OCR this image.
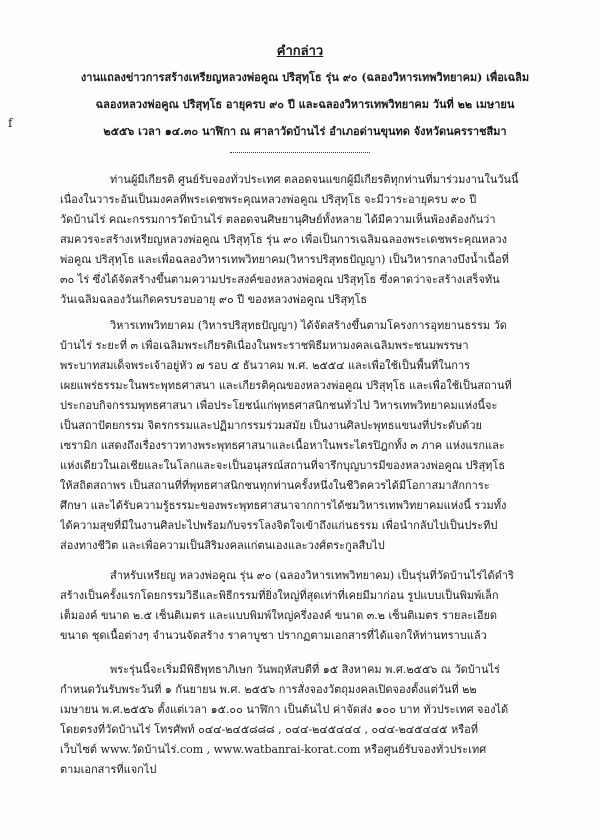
คำกล่าว
งานแถลงข่าวการสร้างเหรียญหลวงพ่อคูณ ปริสุทฺโธ รุ่น ๙๐ (ฉลองวิหารเทพวิทยาคม) เพื่อเฉลิม
ฉลองหลวงพ่อคูณ ปริสุทฺโธ อายุครบ ๙๐ ปี และฉลองวิหารเทพวิทยาคม วันที่ ๒๒ เมษายน
๒๕๕๖ เวลา ๑๔.๓๐ นาฬิกา ณ ศาลาวัดบ้านไร่ อำเภอด่านขุนทด จังหวัดนครราชสีมา
f
ท่านผู้มีเกียรติ ศูนย์รับจองทั่วประเทศ ตลอดจนแขกผู้มีเกียรติทุกท่านที่มาร่วมงานในวันนี้
เนื่องในวาระอันเป็นมงคลที่พระเดชพระคุณหลวงพ่อคูณ ปริสุทฺโธ จะมีวาระอายุครบ ๙๐ ปี
วัดบ้านไร่ คณะกรรมการวัดบ้านไร่ ตลอดจนศิษยานุศิษย์ทั้งหลาย ได้มีความเห็นพ้องต้องกันว่า
สมควรจะสร้างเหรียญหลวงพ่อคูณ ปริสุทฺโธ รุ่น ๙๐ เพื่อเป็นการเฉลิมฉลองพระเดชพระคุณหลวง
พ่อคูณ ปริสุทฺโธ และเพื่อฉลองวิหารเทพวิทยาคม(วิหารปริสุทธปัญญา) เป็นวิหารกลางบึงน้ำเนื้อที่
๓๐ ไร่ ซึ่งได้จัดสร้างขึ้นตามความประสงค์ของหลวงพ่อคูณ ปริสุทฺโธ ซึ่งคาดว่าจะสร้างเสร็จทัน
วันเฉลิมฉลองวันเกิดครบรอบอายุ ๙๐ ปี ของหลวงพ่อคูณ ปริสุทฺโธ
วิหารเทพวิทยาคม (วิหารปริสุทธปัญญา) ได้จัดสร้างขึ้นตามโครงการอุทยานธรรม วัด
บ้านไร่ ระยะที่ ๓ เพื่อเฉลิมพระเกียรติเนื่องในพระราชพิธีมหามงคลเฉลิมพระชนมพรรษา
พระบาทสมเด็จพระเจ้าอยู่หัว ๗ รอบ ๕ ธันวาคม พ.ศ. ๒๕๕๔ และเพื่อใช้เป็นพื้นที่ในการ
เผยแพร่ธรรมะในพระพุทธศาสนา และเกียรติคุณของหลวงพ่อคูณ ปริสุทฺโธ และเพื่อใช้เป็นสถานที่
ประกอบกิจกรรมพุทธศาสนา เพื่อประโยชน์แก่พุทธศาสนิกชนทั่วไป วิหารเทพวิทยาคมแห่งนี้จะ
เป็นสถาปัตยกรรม จิตรกรรมและปฏิมากรรมร่วมสมัย เป็นงานศิลปะพุทธแขนงที่ประดับด้วย
เซรามิก แสดงถึงเรื่องราวทางพระพุทธศาสนาและเนื้อหาในพระไตรปิฎกทั้ง ๓ ภาค แห่งแรกและ
แห่งเดียวในเอเชียและในโลกและจะเป็นอนุสรณ์สถานที่จารึกบุญบารมีของหลวงพ่อคูณ ปริสุทฺโธ
ให้สถิตสถาพร เป็นสถานที่ที่พุทธศาสนิกชนทุกท่านครั้งหนึ่งในชีวิตควรได้มีโอกาสมาสักการะ
ศึกษา และได้รับความรู้ธรรมะของพระพุทธศาสนาจากการได้ชมวิหารเทพวิทยาคมแห่งนี้ รวมทั้ง
ได้ความสุขที่มีในงานศิลปะไปพร้อมกับจรรโลงจิตใจเข้าถึงแก่นธรรม เพื่อนำกลับไปเป็นประทีป
ส่องทางชีวิต และเพื่อความเป็นสิริมงคลแก่ตนเองและวงศ์ตระกูลสืบไป
สำหรับเหรียญ หลวงพ่อคูณ รุ่น ๙๐ (ฉลองวิหารเทพวิทยาคม) เป็นรุ่นที่วัดบ้านไร่ได้ดำริ
สร้างเป็นครั้งแรกโดยกรรมวิธีและพิธีกรรมที่ยิ่งใหญ่ที่สุดเท่าที่เคยมีมาก่อน รูปแบบเป็นพิมพ์เล็ก
เต็มองค์ ขนาด ๒.๕ เซ็นติเมตร และแบบพิมพ์ใหญ่ครึ่งองค์ ขนาด ๓.๒ เซ็นติเมตร รายละเอียด
ขนาด ชุดเนื้อต่างๆ จำนวนจัดสร้าง ราคาบูชา ปรากฏตามเอกสารที่ได้แจกให้ท่านทราบแล้ว
พระรุ่นนี้จะเริ่มมีพิธีพุทธาภิเษก วันพฤหัสบดีที่ ๑๕ สิงหาคม พ.ศ.๒๕๕๖ ณ วัดบ้านไร่
กำหนดวันรับพระวันที่ ๑ กันยายน พ.ศ. ๒๕๕๖ การสั่งจองวัตถุมงคลเปิดจองตั้งแต่วันที่ ๒๒
เมษายน พ.ศ.๒๕๕๖ ตั้งแต่เวลา ๑๕.๐๐ นาฬิกา เป็นต้นไป ค่าจัดส่ง ๑๐๐ บาท ทั่วประเทศ จองได้
โดยตรงที่วัดบ้านไร่ โทรศัพท์ ๐๔๔-๒๔๕๘๘๘ , ๐๔๔-๒๔๕๔๔๔ , ๐๔๔-๒๔๕๔๔๕ หรือที่
เว็บไซต์ www.วัดบ้านไร่.com , www.watbanrai-korat.com หรือศูนย์รับจองทั่วประเทศ
ตามเอกสารที่แจกไป
